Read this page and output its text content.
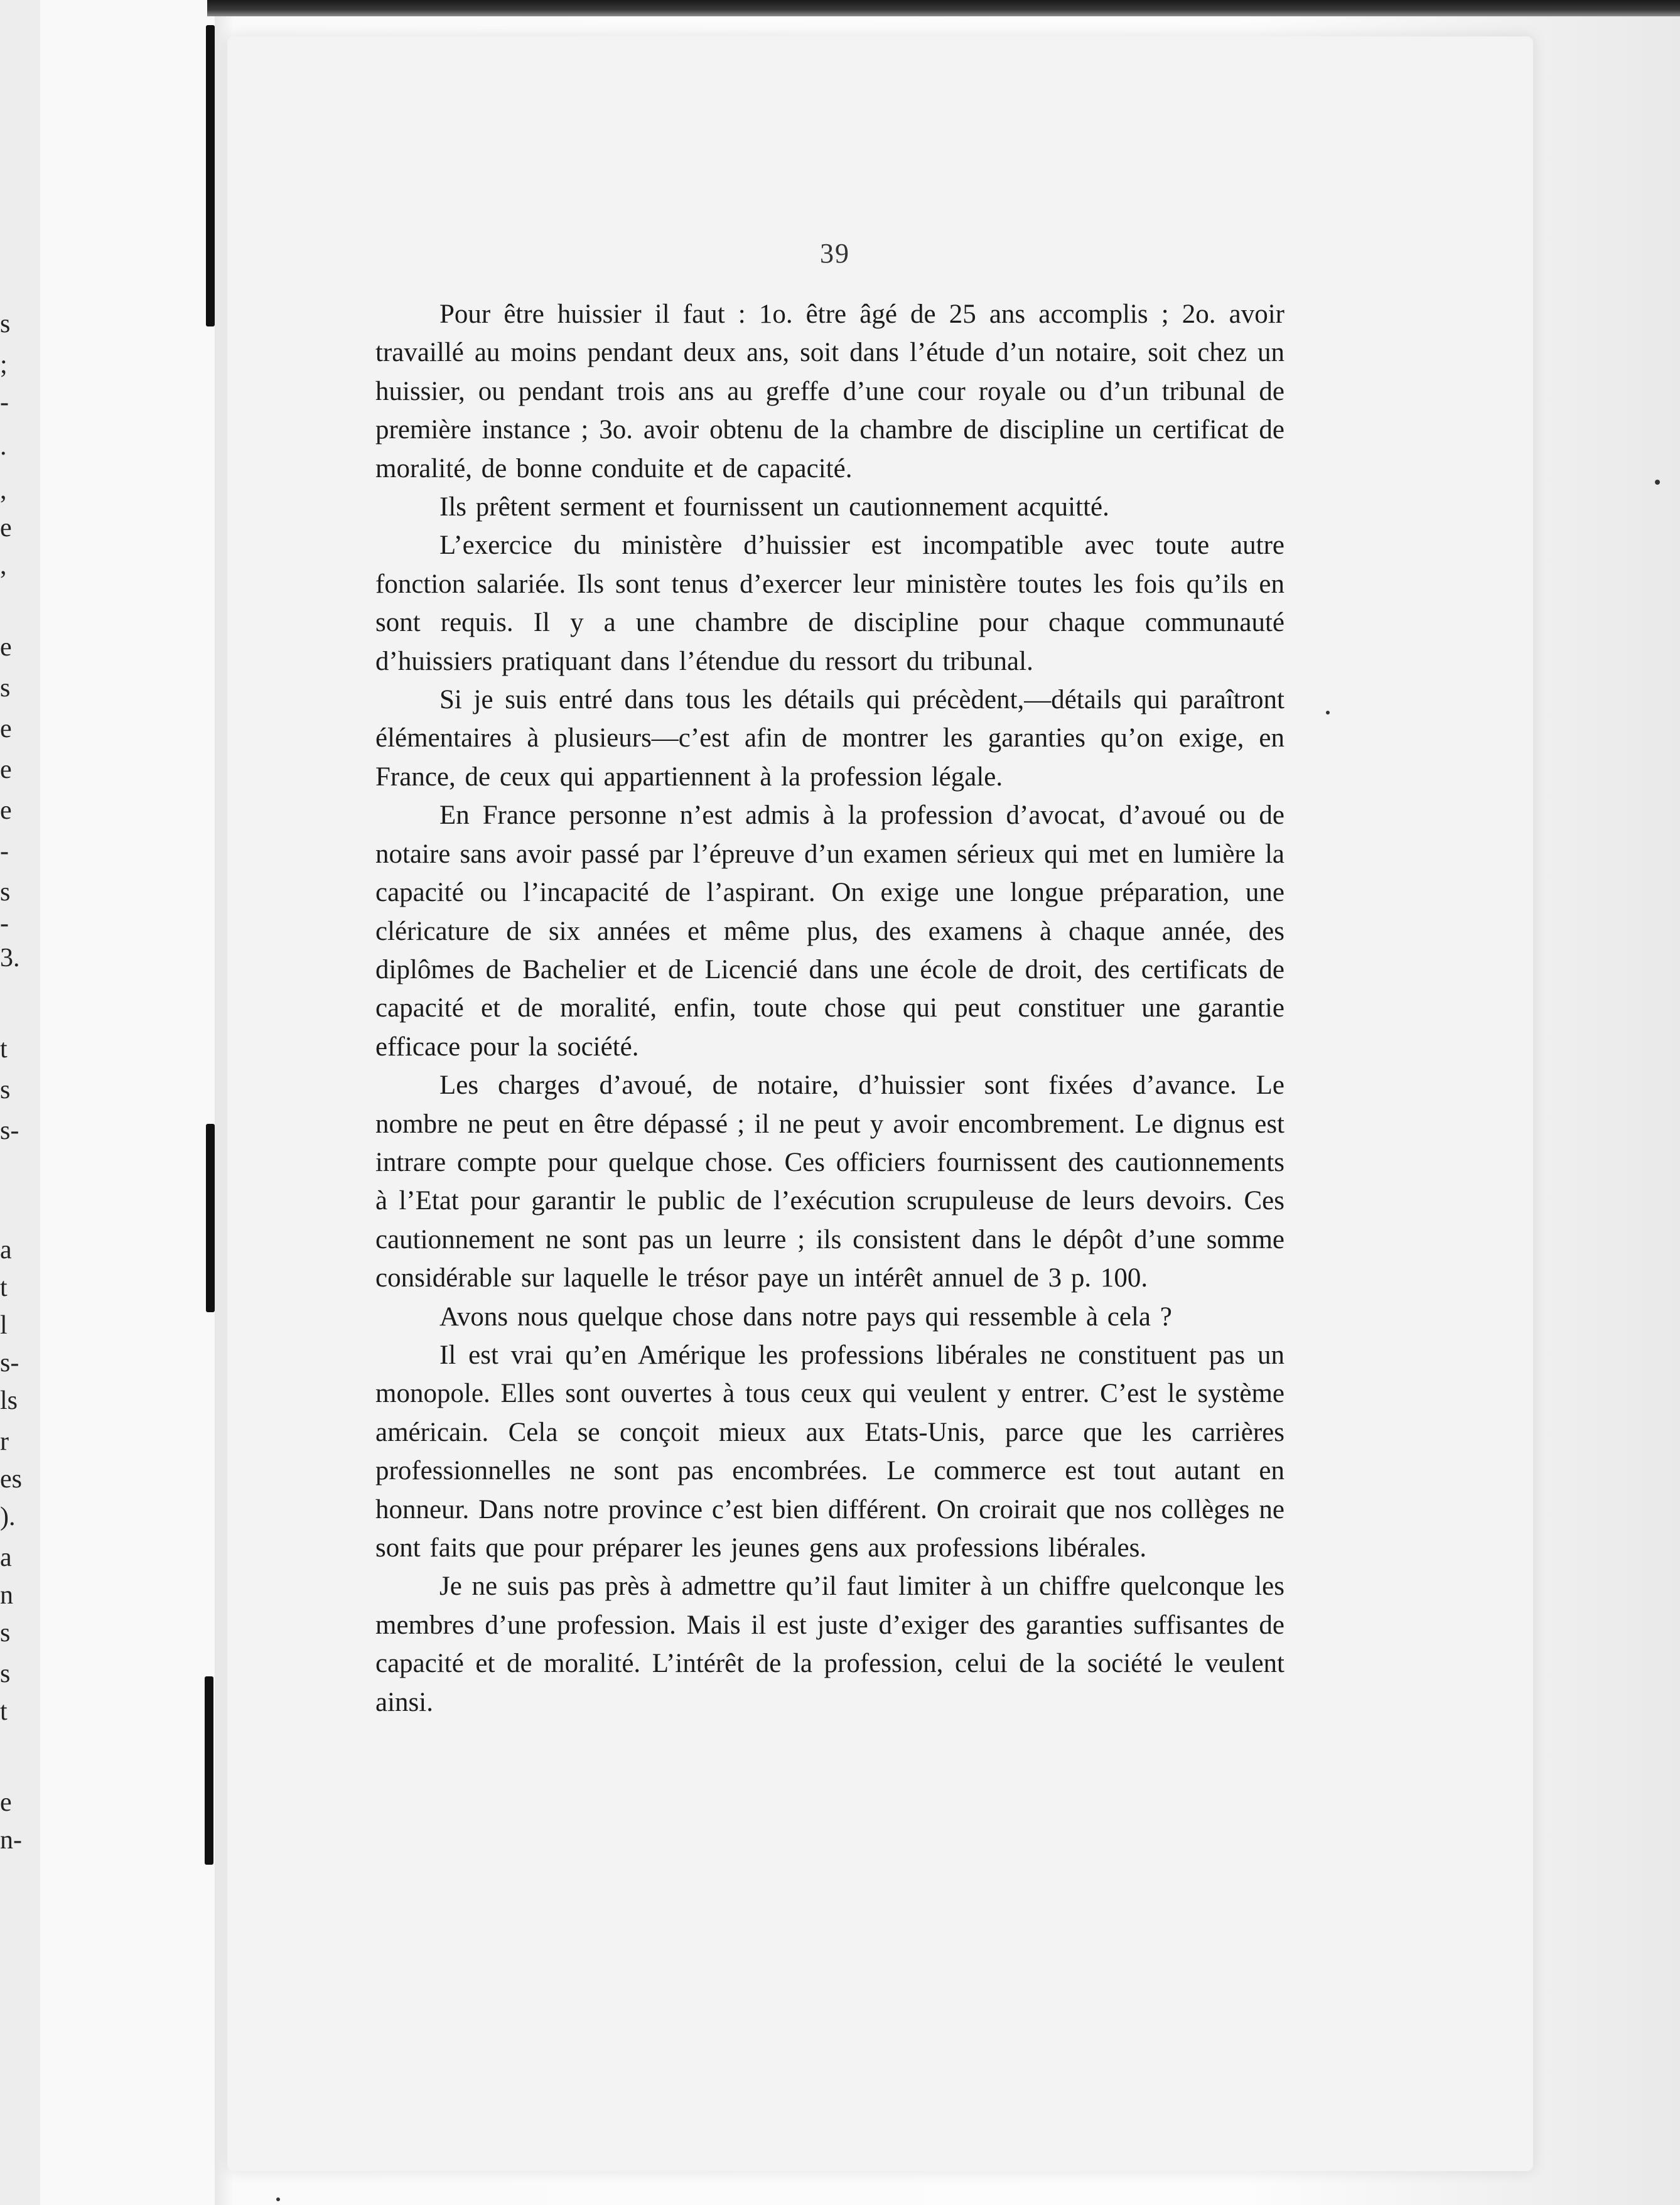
s
;
-
.
,
e
,
e
s
e
e
e
-
s
-
3.
t
s
s-
a
t
l
s-
ls
r
es
).
a
n
s
s
t
e
n-
39

Pour être huissier il faut : 1o. être âgé de 25 ans accomplis ; 2o. avoir travaillé au moins pendant deux ans, soit dans l’étude d’un notaire, soit chez un huissier, ou pendant trois ans au greffe d’une cour royale ou d’un tribunal de première instance ; 3o. avoir obtenu de la chambre de discipline un certificat de moralité, de bonne conduite et de capacité.

Ils prêtent serment et fournissent un cautionnement acquitté.

L’exercice du ministère d’huissier est incompatible avec toute autre fonction salariée. Ils sont tenus d’exercer leur ministère toutes les fois qu’ils en sont requis. Il y a une chambre de discipline pour chaque communauté d’huissiers pratiquant dans l’étendue du ressort du tribunal.

Si je suis entré dans tous les détails qui précèdent,—détails qui paraîtront élémentaires à plusieurs—c’est afin de montrer les garanties qu’on exige, en France, de ceux qui appartiennent à la profession légale.

En France personne n’est admis à la profession d’avocat, d’avoué ou de notaire sans avoir passé par l’épreuve d’un examen sérieux qui met en lumière la capacité ou l’incapacité de l’aspirant. On exige une longue préparation, une cléricature de six années et même plus, des examens à chaque année, des diplômes de Bachelier et de Licencié dans une école de droit, des certificats de capacité et de moralité, enfin, toute chose qui peut constituer une garantie efficace pour la société.

Les charges d’avoué, de notaire, d’huissier sont fixées d’avance. Le nombre ne peut en être dépassé ; il ne peut y avoir encombrement. Le dignus est intrare compte pour quelque chose. Ces officiers fournissent des cautionnements à l’Etat pour garantir le public de l’exécution scrupuleuse de leurs devoirs. Ces cautionnement ne sont pas un leurre ; ils consistent dans le dépôt d’une somme considérable sur laquelle le trésor paye un intérêt annuel de 3 p. 100.

Avons nous quelque chose dans notre pays qui ressemble à cela ?

Il est vrai qu’en Amérique les professions libérales ne constituent pas un monopole. Elles sont ouvertes à tous ceux qui veulent y entrer. C’est le système américain. Cela se conçoit mieux aux Etats-Unis, parce que les carrières professionnelles ne sont pas encombrées. Le commerce est tout autant en honneur. Dans notre province c’est bien différent. On croirait que nos collèges ne sont faits que pour préparer les jeunes gens aux professions libérales.

Je ne suis pas près à admettre qu’il faut limiter à un chiffre quelconque les membres d’une profession. Mais il est juste d’exiger des garanties suffisantes de capacité et de moralité. L’intérêt de la profession, celui de la société le veulent ainsi.
